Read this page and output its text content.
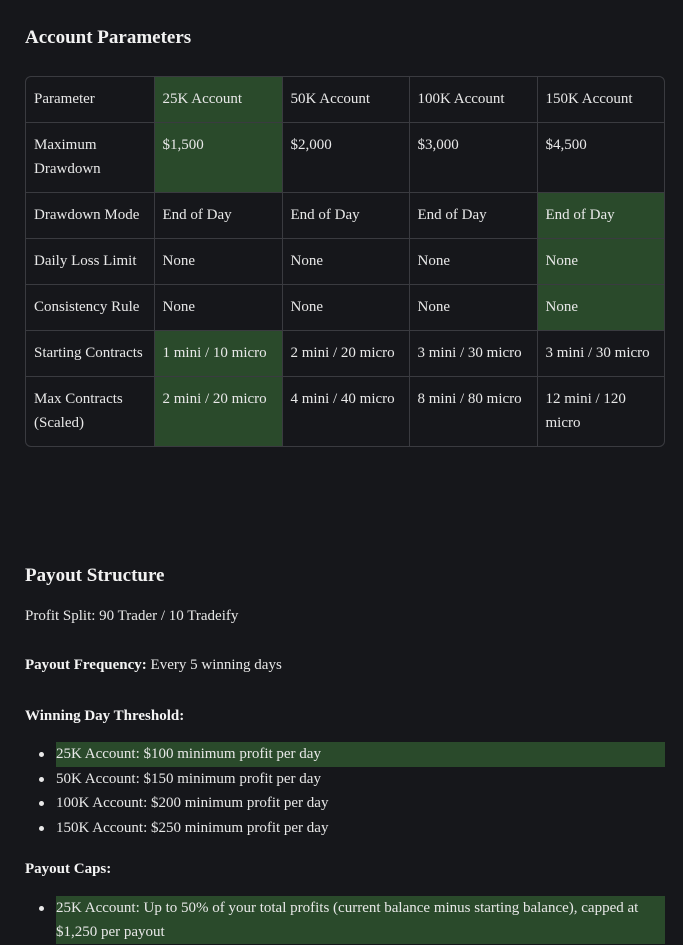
Account Parameters
Parameter	25K Account	50K Account	100K Account	150K Account
Maximum Drawdown	$1,500	$2,000	$3,000	$4,500
Drawdown Mode	End of Day	End of Day	End of Day	End of Day
Daily Loss Limit	None	None	None	None
Consistency Rule	None	None	None	None
Starting Contracts	1 mini / 10 micro	2 mini / 20 micro	3 mini / 30 micro	3 mini / 30 micro
Max Contracts (Scaled)	2 mini / 20 micro	4 mini / 40 micro	8 mini / 80 micro	12 mini / 120 micro
Payout Structure

Profit Split: 90 Trader / 10 Tradeify

Payout Frequency: Every 5 winning days

Winning Day Threshold:

25K Account: $100 minimum profit per day
50K Account: $150 minimum profit per day
100K Account: $200 minimum profit per day
150K Account: $250 minimum profit per day

Payout Caps:

25K Account: Up to 50% of your total profits (current balance minus starting balance), capped at $1,250 per payout
